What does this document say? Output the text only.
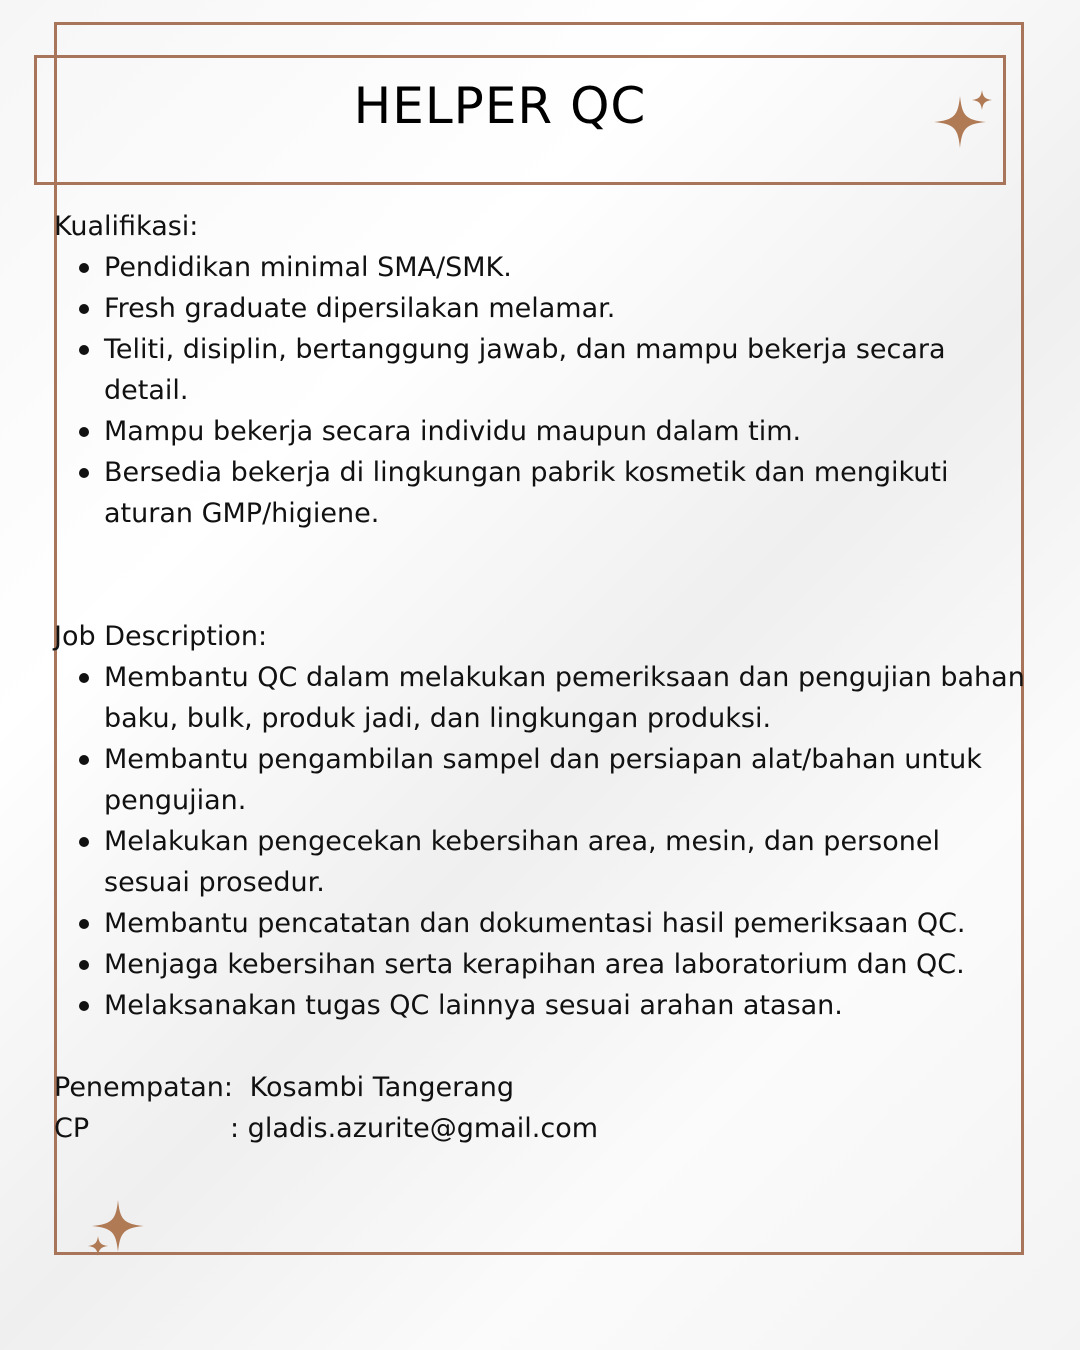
HELPER QC

Kualifikasi:

Pendidikan minimal SMA/SMK.
Fresh graduate dipersilakan melamar.
Teliti, disiplin, bertanggung jawab, dan mampu bekerja secara detail.
Mampu bekerja secara individu maupun dalam tim.
Bersedia bekerja di lingkungan pabrik kosmetik dan mengikuti aturan GMP/higiene.

Job Description:

Membantu QC dalam melakukan pemeriksaan dan pengujian bahan baku, bulk, produk jadi, dan lingkungan produksi.
Membantu pengambilan sampel dan persiapan alat/bahan untuk pengujian.
Melakukan pengecekan kebersihan area, mesin, dan personel sesuai prosedur.
Membantu pencatatan dan dokumentasi hasil pemeriksaan QC.
Menjaga kebersihan serta kerapihan area laboratorium dan QC.
Melaksanakan tugas QC lainnya sesuai arahan atasan.
Penempatan: Kosambi Tangerang
CP	: gladis.azurite@gmail.com
